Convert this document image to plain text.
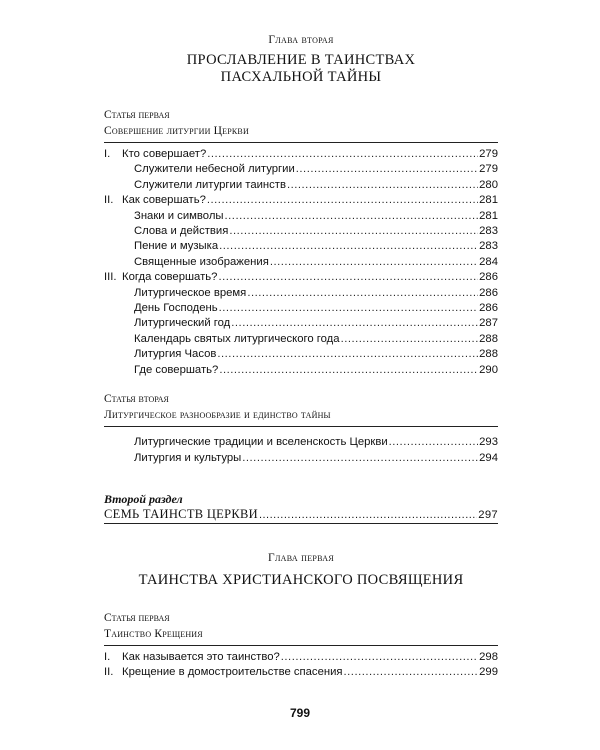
Глава вторая

ПРОСЛАВЛЕНИЕ В ТАИНСТВАХ
ПАСХАЛЬНОЙ ТАЙНЫ

Статья первая

Совершение литургии Церкви

I.	Кто совершает? .....	279
Служители небесной литургии .....	279
Служители литургии таинств .....	280
II. Как совершать? .....	281
Знаки и символы .....	281
Слова и действия .....	283
Пение и музыка .....	283
Священные изображения .....	284
III. Когда совершать? .....	286
Литургическое время .....	286
День Господень .....	286
Литургический год .....	287
Календарь святых литургического года .....	288
Литургия Часов .....	288
Где совершать? .....	290

Статья вторая

Литургическое разнообразие и единство тайны

Литургические традиции и вселенскость Церкви .....	293
Литургия и культуры .....	294

Второй раздел

СЕМЬ ТАИНСТВ ЦЕРКВИ .....	297

Глава первая

ТАИНСТВА ХРИСТИАНСКОГО ПОСВЯЩЕНИЯ

Статья первая

Таинство Крещения

I.	Как называется это таинство? .....	298
II. Крещение в домостроительстве спасения .....	299
799
